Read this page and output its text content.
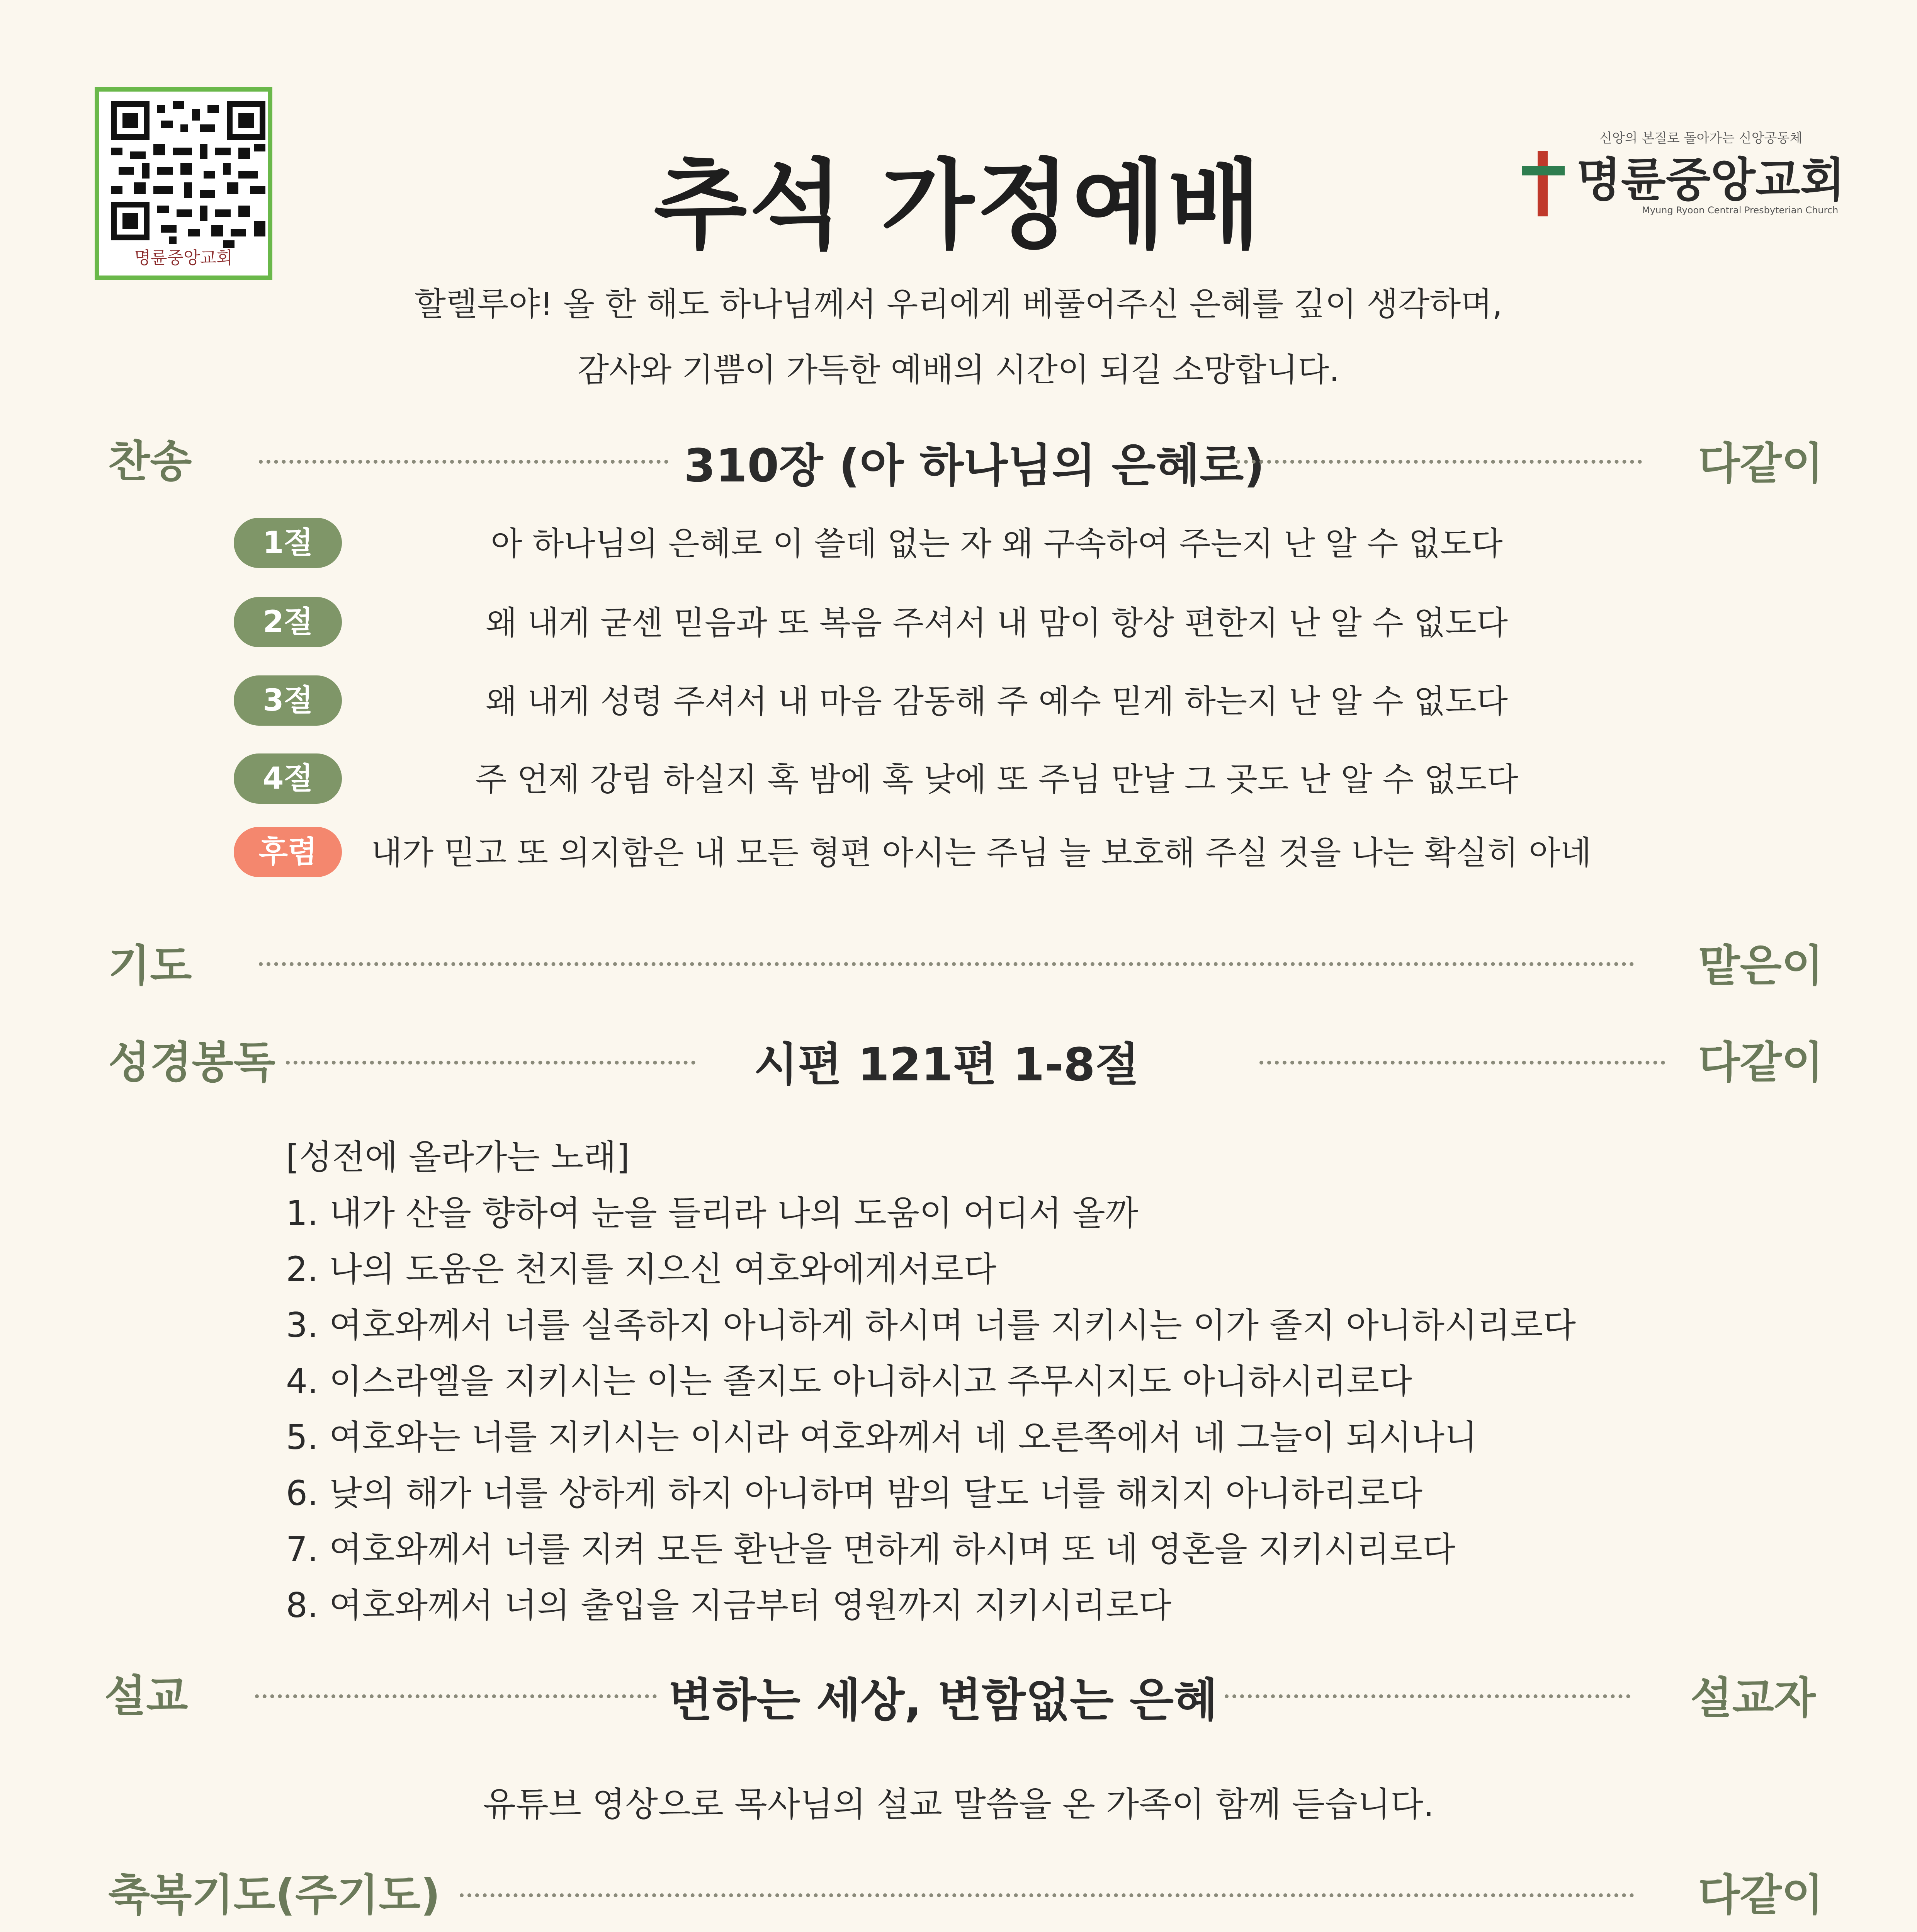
명륜중앙교회	추석 가정예배
신앙의 본질로 돌아가는 신앙공동체
명륜중앙교회
Myung Ryoon Central Presbyterian Church
할렐루야! 올 한 해도 하나님께서 우리에게 베풀어주신 은혜를 깊이 생각하며,
감사와 기쁨이 가득한 예배의 시간이 되길 소망합니다.
찬송	310장 (아 하나님의 은혜로)	다같이
1절	아 하나님의 은혜로 이 쓸데 없는 자 왜 구속하여 주는지 난 알 수 없도다
2절	왜 내게 굳센 믿음과 또 복음 주셔서 내 맘이 항상 편한지 난 알 수 없도다
3절	왜 내게 성령 주셔서 내 마음 감동해 주 예수 믿게 하는지 난 알 수 없도다
4절	주 언제 강림 하실지 혹 밤에 혹 낮에 또 주님 만날 그 곳도 난 알 수 없도다
후렴	내가 믿고 또 의지함은 내 모든 형편 아시는 주님 늘 보호해 주실 것을 나는 확실히 아네
기도	맡은이
성경봉독	시편 121편 1-8절	다같이
[성전에 올라가는 노래]
1. 내가 산을 향하여 눈을 들리라 나의 도움이 어디서 올까
2. 나의 도움은 천지를 지으신 여호와에게서로다
3. 여호와께서 너를 실족하지 아니하게 하시며 너를 지키시는 이가 졸지 아니하시리로다
4. 이스라엘을 지키시는 이는 졸지도 아니하시고 주무시지도 아니하시리로다
5. 여호와는 너를 지키시는 이시라 여호와께서 네 오른쪽에서 네 그늘이 되시나니
6. 낮의 해가 너를 상하게 하지 아니하며 밤의 달도 너를 해치지 아니하리로다
7. 여호와께서 너를 지켜 모든 환난을 면하게 하시며 또 네 영혼을 지키시리로다
8. 여호와께서 너의 출입을 지금부터 영원까지 지키시리로다
설교	변하는 세상, 변함없는 은혜	설교자
유튜브 영상으로 목사님의 설교 말씀을 온 가족이 함께 듣습니다.
축복기도(주기도)	다같이
